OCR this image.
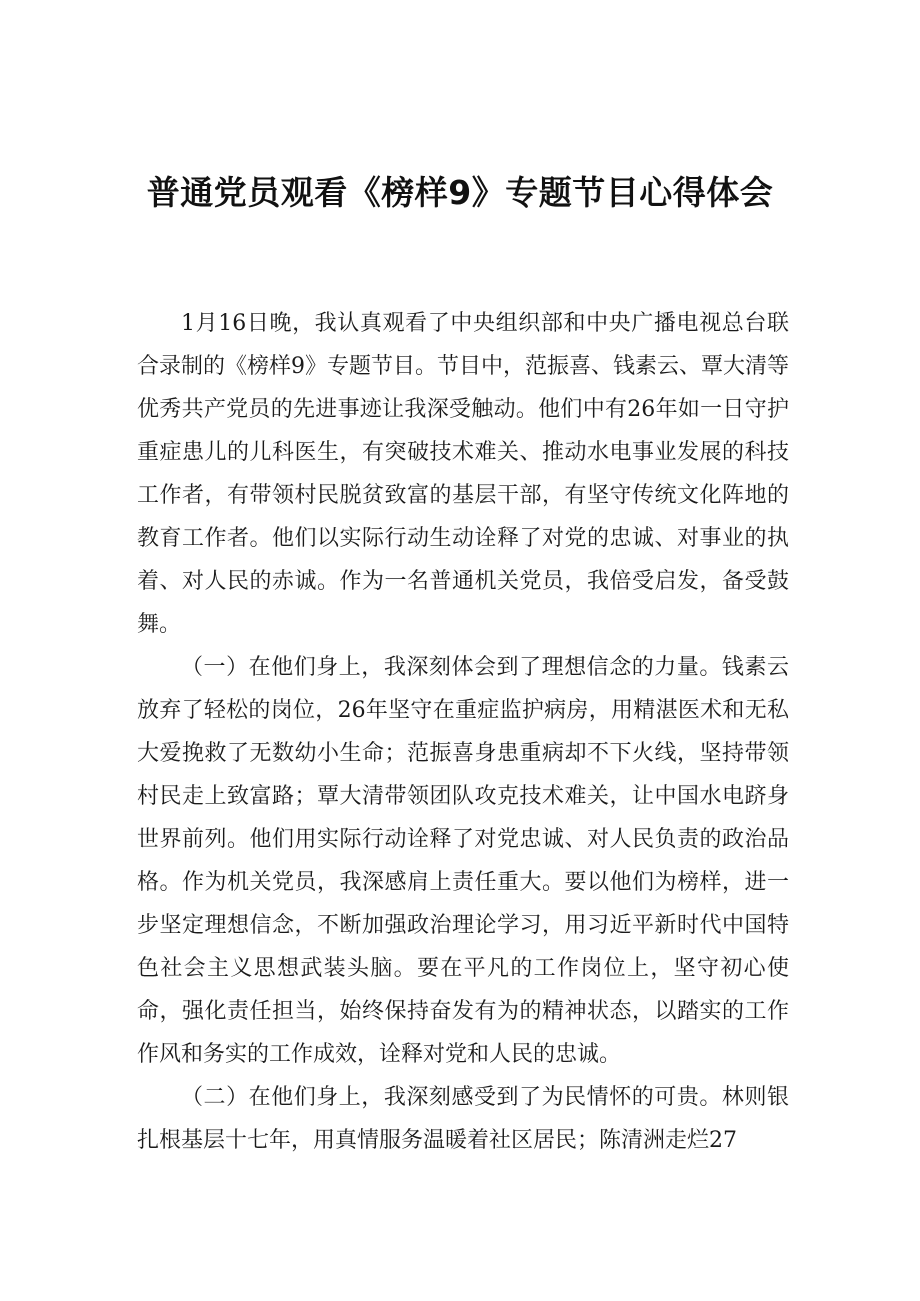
普通党员观看《榜样9》专题节目心得体会

1月16日晚，我认真观看了中央组织部和中央广播电视总台联合录制的《榜样9》专题节目。节目中，范振喜、钱素云、覃大清等优秀共产党员的先进事迹让我深受触动。他们中有26年如一日守护重症患儿的儿科医生，有突破技术难关、推动水电事业发展的科技工作者，有带领村民脱贫致富的基层干部，有坚守传统文化阵地的教育工作者。他们以实际行动生动诠释了对党的忠诚、对事业的执着、对人民的赤诚。作为一名普通机关党员，我倍受启发，备受鼓舞。

（一）在他们身上，我深刻体会到了理想信念的力量。钱素云放弃了轻松的岗位，26年坚守在重症监护病房，用精湛医术和无私大爱挽救了无数幼小生命；范振喜身患重病却不下火线，坚持带领村民走上致富路；覃大清带领团队攻克技术难关，让中国水电跻身世界前列。他们用实际行动诠释了对党忠诚、对人民负责的政治品格。作为机关党员，我深感肩上责任重大。要以他们为榜样，进一步坚定理想信念，不断加强政治理论学习，用习近平新时代中国特色社会主义思想武装头脑。要在平凡的工作岗位上，坚守初心使命，强化责任担当，始终保持奋发有为的精神状态，以踏实的工作作风和务实的工作成效，诠释对党和人民的忠诚。

（二）在他们身上，我深刻感受到了为民情怀的可贵。林则银扎根基层十七年，用真情服务温暖着社区居民；陈清洲走烂27
